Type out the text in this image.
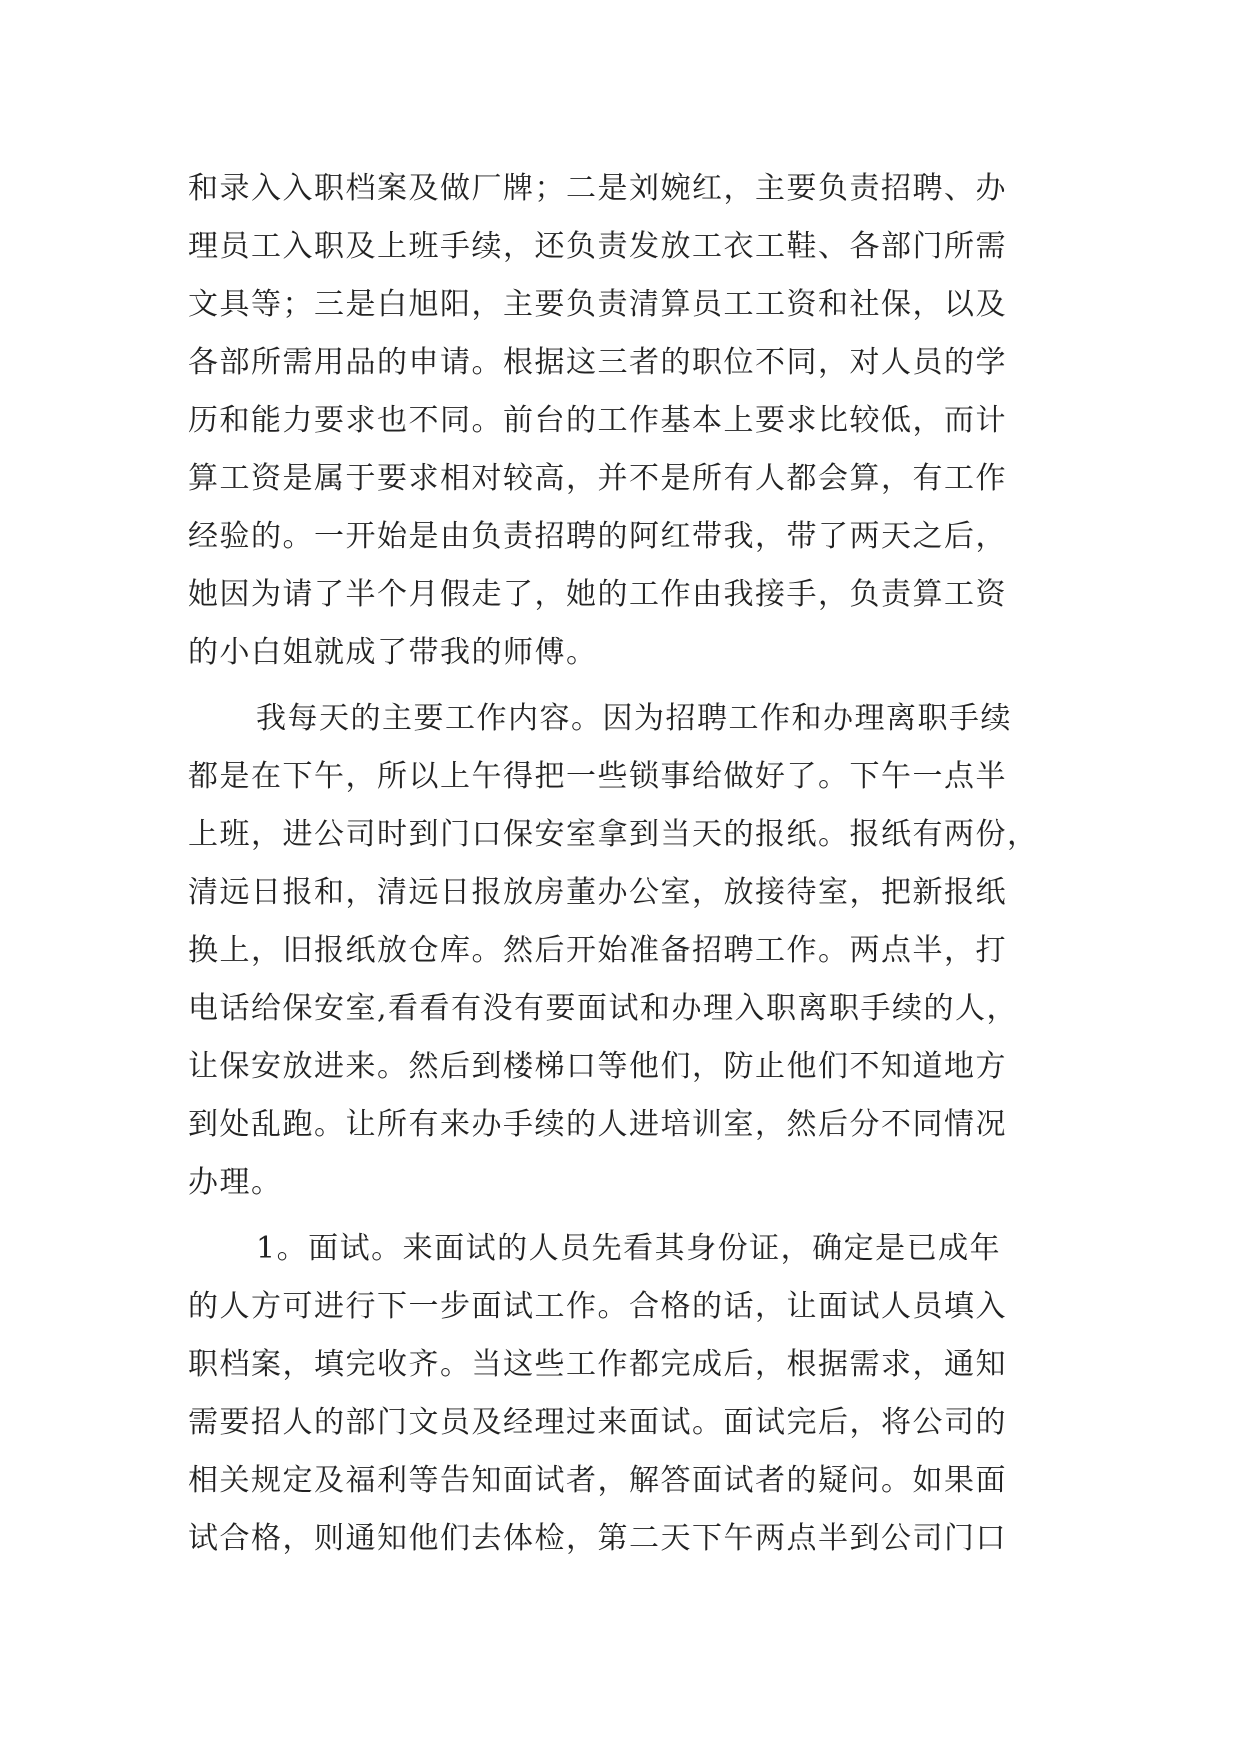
和录入入职档案及做厂牌；二是刘婉红，主要负责招聘、办
理员工入职及上班手续，还负责发放工衣工鞋、各部门所需
文具等；三是白旭阳，主要负责清算员工工资和社保，以及
各部所需用品的申请。根据这三者的职位不同，对人员的学
历和能力要求也不同。前台的工作基本上要求比较低，而计
算工资是属于要求相对较高，并不是所有人都会算，有工作
经验的。一开始是由负责招聘的阿红带我，带了两天之后，
她因为请了半个月假走了，她的工作由我接手，负责算工资
的小白姐就成了带我的师傅。
我每天的主要工作内容。因为招聘工作和办理离职手续
都是在下午，所以上午得把一些锁事给做好了。下午一点半
上班，进公司时到门口保安室拿到当天的报纸。报纸有两份，
清远日报和，清远日报放房董办公室，放接待室，把新报纸
换上，旧报纸放仓库。然后开始准备招聘工作。两点半，打
电话给保安室,看看有没有要面试和办理入职离职手续的人，
让保安放进来。然后到楼梯口等他们，防止他们不知道地方
到处乱跑。让所有来办手续的人进培训室，然后分不同情况
办理。
1。面试。来面试的人员先看其身份证，确定是已成年
的人方可进行下一步面试工作。合格的话，让面试人员填入
职档案，填完收齐。当这些工作都完成后，根据需求，通知
需要招人的部门文员及经理过来面试。面试完后，将公司的
相关规定及福利等告知面试者，解答面试者的疑问。如果面
试合格，则通知他们去体检，第二天下午两点半到公司门口
